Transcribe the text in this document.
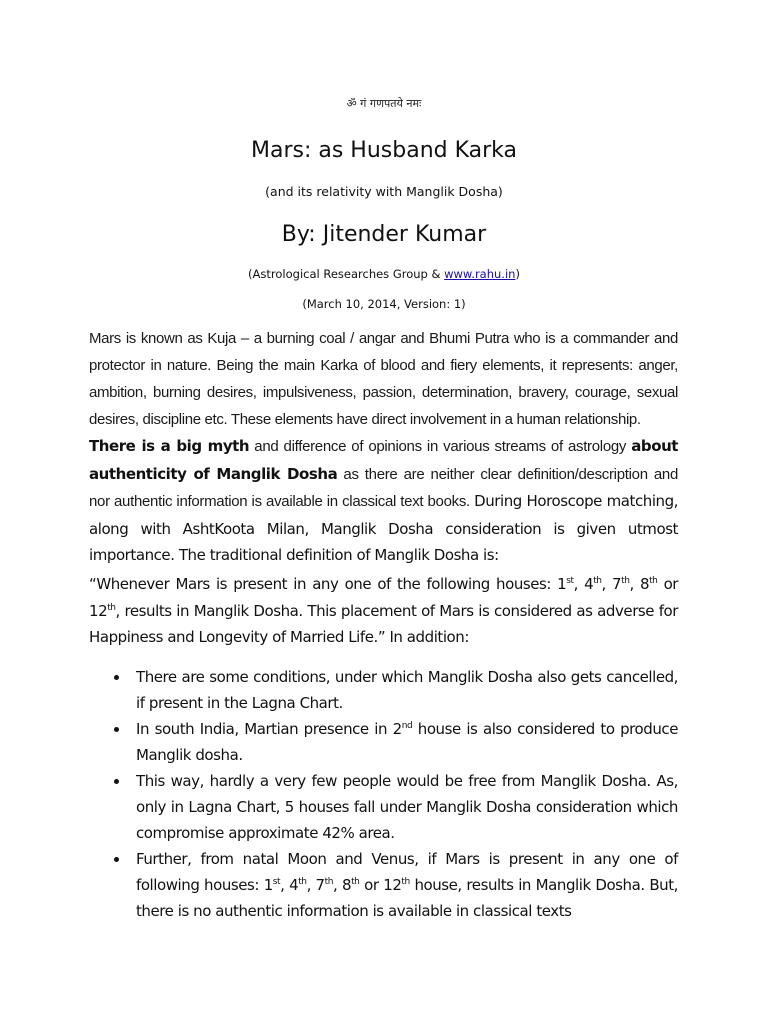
ॐ गं गणपतये नमः
Mars: as Husband Karka
(and its relativity with Manglik Dosha)
By: Jitender Kumar
(Astrological Researches Group & www.rahu.in)
(March 10, 2014, Version: 1)
Mars is known as Kuja – a burning coal / angar and Bhumi Putra who is a commander and protector in nature. Being the main Karka of blood and fiery elements, it represents: anger, ambition, burning desires, impulsiveness, passion, determination, bravery, courage, sexual desires, discipline etc. These elements have direct involvement in a human relationship.
There is a big myth and difference of opinions in various streams of astrology about authenticity of Manglik Dosha as there are neither clear definition/description and nor authentic information is available in classical text books. During Horoscope matching, along with AshtKoota Milan, Manglik Dosha consideration is given utmost importance. The traditional definition of Manglik Dosha is:
“Whenever Mars is present in any one of the following houses: 1st, 4th, 7th, 8th or 12th, results in Manglik Dosha. This placement of Mars is considered as adverse for Happiness and Longevity of Married Life.” In addition:
There are some conditions, under which Manglik Dosha also gets cancelled, if present in the Lagna Chart.
In south India, Martian presence in 2nd house is also considered to produce Manglik dosha.
This way, hardly a very few people would be free from Manglik Dosha. As, only in Lagna Chart, 5 houses fall under Manglik Dosha consideration which compromise approximate 42% area.
Further, from natal Moon and Venus, if Mars is present in any one of following houses: 1st, 4th, 7th, 8th or 12th house, results in Manglik Dosha. But, there is no authentic information is available in classical texts
